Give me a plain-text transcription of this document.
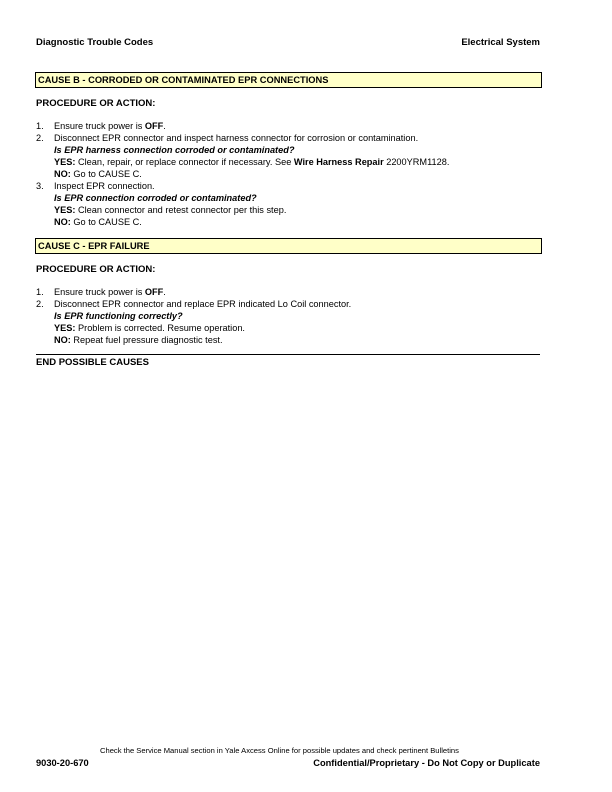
Diagnostic Trouble Codes	Electrical System
CAUSE B - CORRODED OR CONTAMINATED EPR CONNECTIONS
PROCEDURE OR ACTION:
1. Ensure truck power is OFF.
2. Disconnect EPR connector and inspect harness connector for corrosion or contamination.
Is EPR harness connection corroded or contaminated?
YES: Clean, repair, or replace connector if necessary. See Wire Harness Repair 2200YRM1128.
NO: Go to CAUSE C.
3. Inspect EPR connection.
Is EPR connection corroded or contaminated?
YES: Clean connector and retest connector per this step.
NO: Go to CAUSE C.
CAUSE C - EPR FAILURE
PROCEDURE OR ACTION:
1. Ensure truck power is OFF.
2. Disconnect EPR connector and replace EPR indicated Lo Coil connector.
Is EPR functioning correctly?
YES: Problem is corrected. Resume operation.
NO: Repeat fuel pressure diagnostic test.
END POSSIBLE CAUSES
Check the Service Manual section in Yale Axcess Online for possible updates and check pertinent Bulletins
9030-20-670	Confidential/Proprietary - Do Not Copy or Duplicate
